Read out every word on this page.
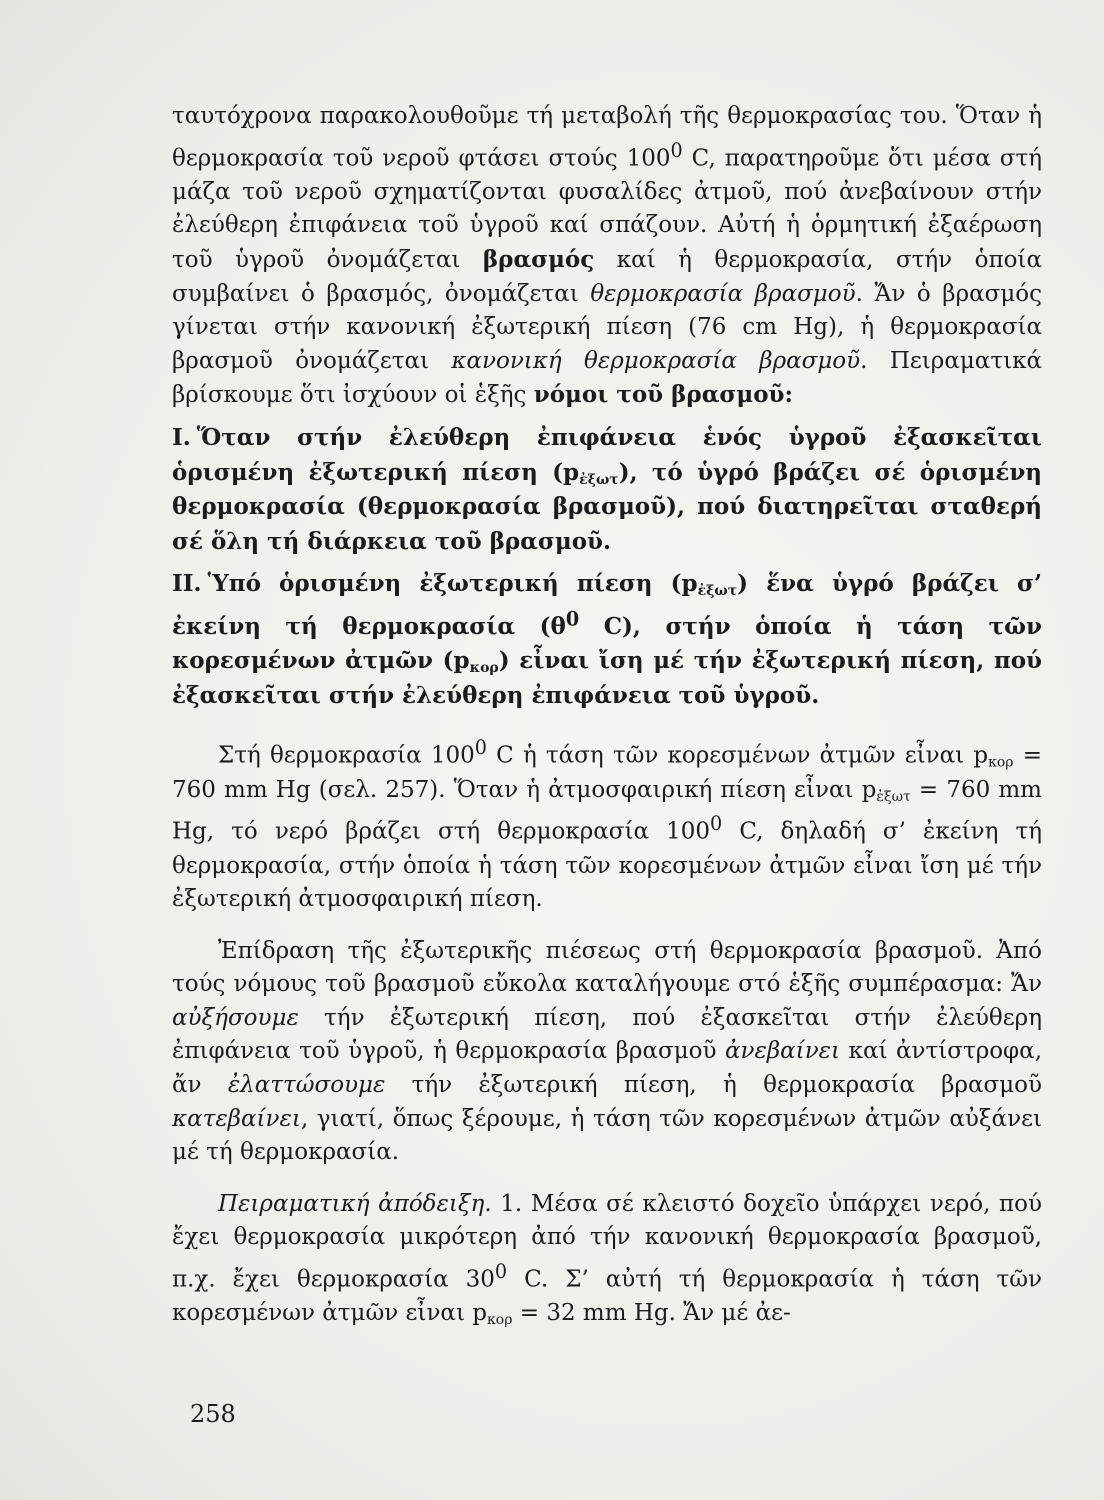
ταυτόχρονα παρακολουθοῦμε τή μεταβολή τῆς θερμοκρασίας του. Ὅταν ἡ θερμοκρασία τοῦ νεροῦ φτάσει στούς $100^0$ C, παρατηροῦμε ὅτι μέσα στή μάζα τοῦ νεροῦ σχηματίζονται φυσαλίδες ἀτμοῦ, πού ἀνεβαίνουν στήν ἐλεύθερη ἐπιφάνεια τοῦ ὑγροῦ καί σπάζουν. Αὐτή ἡ ὁρμητική ἐξαέρωση τοῦ ὑγροῦ ὀνομάζεται βρασμός καί ἡ θερμοκρασία, στήν ὁποία συμβαίνει ὁ βρασμός, ὀνομάζεται θερμοκρασία βρασμοῦ. Ἄν ὁ βρασμός γίνεται στήν κανονική ἐξωτερική πίεση (76 cm Hg), ἡ θερμοκρασία βρασμοῦ ὀνομάζεται κανονική θερμοκρασία βρασμοῦ. Πειραματικά βρίσκουμε ὅτι ἰσχύουν οἱ ἑξῆς νόμοι τοῦ βρασμοῦ:

I. Ὅταν στήν ἐλεύθερη ἐπιφάνεια ἑνός ὑγροῦ ἐξασκεῖται ὁρισμένη ἐξωτερική πίεση $(p_{ἐ\xi\omega\tau})$, τό ὑγρό βράζει σέ ὁρισμένη θερμοκρασία (θερμοκρασία βρασμοῦ), πού διατηρεῖται σταθερή σέ ὅλη τή διάρκεια τοῦ βρασμοῦ.

II. Ὑπό ὁρισμένη ἐξωτερική πίεση $(p_{ἐ\xi\omega\tau})$ ἕνα ὑγρό βράζει σ’ ἐκείνη τή θερμοκρασία ($\theta^0$ C), στήν ὁποία ἡ τάση τῶν κορεσμένων ἀτμῶν $(p_{\kappa o\rho})$ εἶναι ἴση μέ τήν ἐξωτερική πίεση, πού ἐξασκεῖται στήν ἐλεύθερη ἐπιφάνεια τοῦ ὑγροῦ.

Στή θερμοκρασία $100^0$ C ἡ τάση τῶν κορεσμένων ἀτμῶν εἶναι $p_{\kappa o\rho} = 760$ mm Hg (σελ. 257). Ὅταν ἡ ἀτμοσφαιρική πίεση εἶναι $p_{ἐ\xi\omega\tau} = 760$ mm Hg, τό νερό βράζει στή θερμοκρασία $100^0$ C, δηλαδή σ’ ἐκείνη τή θερμοκρασία, στήν ὁποία ἡ τάση τῶν κορεσμένων ἀτμῶν εἶναι ἴση μέ τήν ἐξωτερική ἀτμοσφαιρική πίεση.

Ἐπίδραση τῆς ἐξωτερικῆς πιέσεως στή θερμοκρασία βρασμοῦ. Ἀπό τούς νόμους τοῦ βρασμοῦ εὔκολα καταλήγουμε στό ἑξῆς συμπέρασμα: Ἄν αὐξήσουμε τήν ἐξωτερική πίεση, πού ἐξασκεῖται στήν ἐλεύθερη ἐπιφάνεια τοῦ ὑγροῦ, ἡ θερμοκρασία βρασμοῦ ἀνεβαίνει καί ἀντίστροφα, ἄν ἐλαττώσουμε τήν ἐξωτερική πίεση, ἡ θερμοκρασία βρασμοῦ κατεβαίνει, γιατί, ὅπως ξέρουμε, ἡ τάση τῶν κορεσμένων ἀτμῶν αὐξάνει μέ τή θερμοκρασία.

Πειραματική ἀπόδειξη. 1. Μέσα σέ κλειστό δοχεῖο ὑπάρχει νερό, πού ἔχει θερμοκρασία μικρότερη ἀπό τήν κανονική θερμοκρασία βρασμοῦ, π.χ. ἔχει θερμοκρασία $30^0$ C. Σ’ αὐτή τή θερμοκρασία ἡ τάση τῶν κορεσμένων ἀτμῶν εἶναι $p_{\kappa o\rho} = 32$ mm Hg. Ἄν μέ ἀε-

258
